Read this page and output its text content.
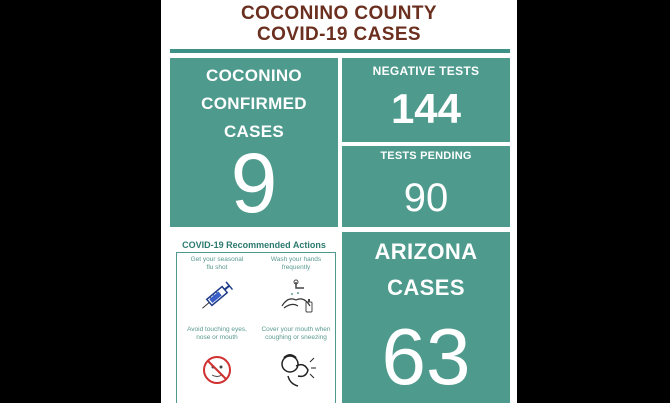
COCONINO COUNTY
COVID-19 CASES
COCONINO
CONFIRMED
CASES
9
NEGATIVE TESTS
144
TESTS PENDING
90
ARIZONA
CASES
63
COVID-19 Recommended Actions
Get your seasonal
flu shot
Wash your hands
frequently
Avoid touching eyes,
nose or mouth
Cover your mouth when
coughing or sneezing
